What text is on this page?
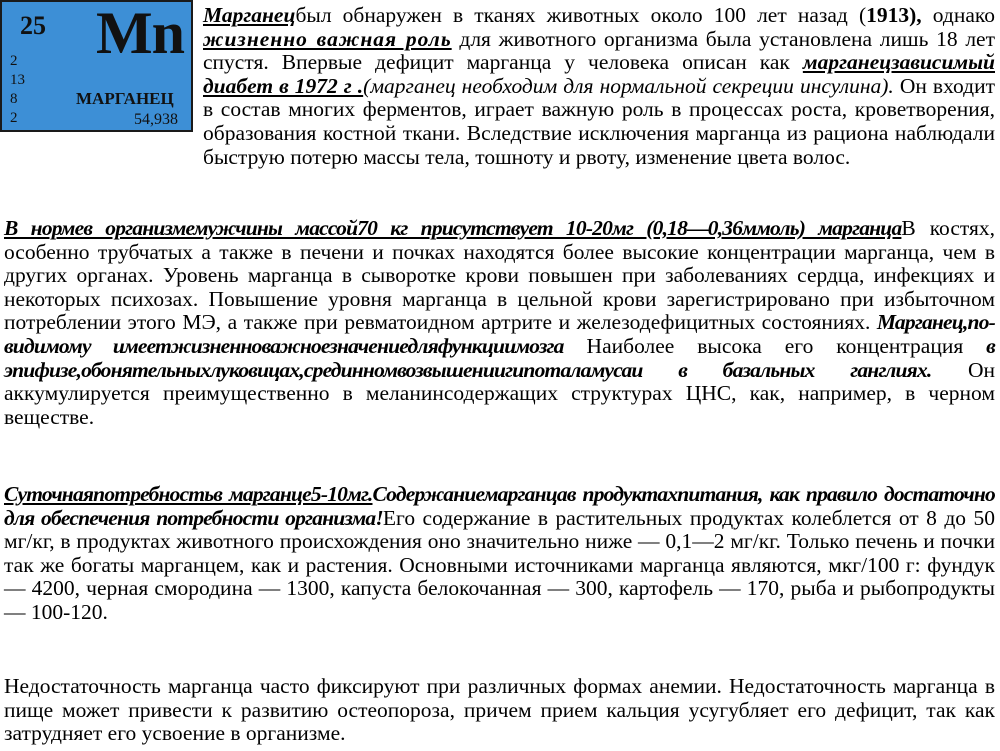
25 Mn
2
13
8
2
МАРГАНЕЦ
54,938
Марганецбыл обнаружен в тканях животных около 100 лет назад (1913), однако жизненно важная роль для животного организма была установлена лишь 18 лет спустя. Впервые дефицит марганца у человека описан как марганецзависимый диабет в 1972 г .(марганец необходим для нормальной секреции инсулина). Он входит в состав многих ферментов, играет важную роль в процессах роста, кроветворения, образования костной ткани. Вследствие исключения марганца из рациона наблюдали быструю потерю массы тела, тошноту и рвоту, изменение цвета волос.
В нормев организмемужчины массой70 кг присутствует 10-20мг (0,18—0,36ммоль) марганцаВ костях, особенно трубчатых а также в печени и почках находятся более высокие концентрации марганца, чем в других органах. Уровень марганца в сыворотке крови повышен при заболеваниях сердца, инфекциях и некоторых психозах. Повышение уровня марганца в цельной крови зарегистрировано при избыточном потреблении этого МЭ, а также при ревматоидном артрите и железодефицитных состояниях. Марганец,по-видимому имеетжизненноважноезначениедляфункциимозга Наиболее высока его концентрация в эпифизе,обонятельныхлуковицах,срединномвозвышениигипоталамусаи в базальных ганглиях. Он аккумулируется преимущественно в меланинсодержащих структурах ЦНС, как, например, в черном веществе.
Суточнаяпотребностьв марганце5-10мг.Содержаниемарганцав продуктахпитания, как правило достаточно для обеспечения потребности организма!Его содержание в растительных продуктах колеблется от 8 до 50 мг/кг, в продуктах животного происхождения оно значительно ниже — 0,1—2 мг/кг. Только печень и почки так же богаты марганцем, как и растения. Основными источниками марганца являются, мкг/100 г: фундук — 4200, черная смородина — 1300, капуста белокочанная — 300, картофель — 170, рыба и рыбопродукты — 100-120.
Недостаточность марганца часто фиксируют при различных формах анемии. Недостаточность марганца в пище может привести к развитию остеопороза, причем прием кальция усугубляет его дефицит, так как затрудняет его усвоение в организме.
